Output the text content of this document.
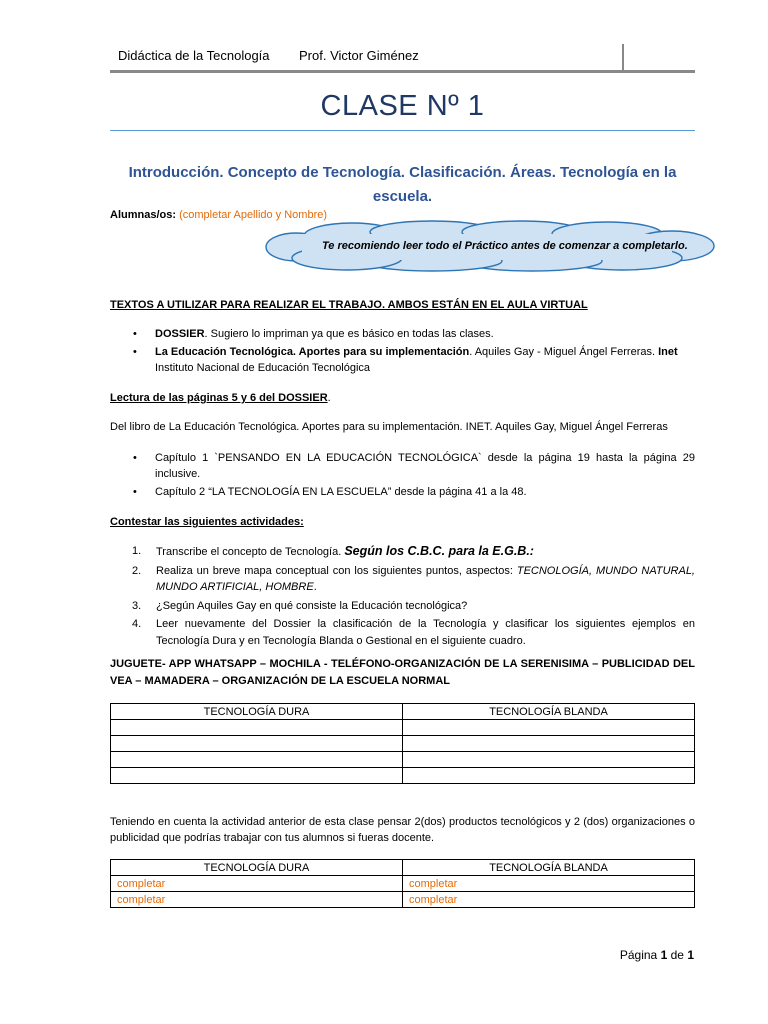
Didáctica de la Tecnología Prof. Victor Giménez
CLASE Nº 1
Introducción. Concepto de Tecnología. Clasificación. Áreas. Tecnología en la escuela.
Alumnas/os: (completar Apellido y Nombre)
Te recomiendo leer todo el Práctico antes de comenzar a completarlo.
TEXTOS A UTILIZAR PARA REALIZAR EL TRABAJO. AMBOS ESTÁN EN EL AULA VIRTUAL
• DOSSIER. Sugiero lo impriman ya que es básico en todas las clases.
• La Educación Tecnológica. Aportes para su implementación. Aquiles Gay - Miguel Ángel Ferreras. Inet Instituto Nacional de Educación Tecnológica
Lectura de las páginas 5 y 6 del DOSSIER.
Del libro de La Educación Tecnológica. Aportes para su implementación. INET. Aquiles Gay, Miguel Ángel Ferreras
• Capítulo 1 `PENSANDO EN LA EDUCACIÓN TECNOLÓGICA` desde la página 19 hasta la página 29 inclusive.
• Capítulo 2 “LA TECNOLOGÍA EN LA ESCUELA” desde la página 41 a la 48.
Contestar las siguientes actividades:
1. Transcribe el concepto de Tecnología. Según los C.B.C. para la E.G.B.:
2. Realiza un breve mapa conceptual con los siguientes puntos, aspectos: TECNOLOGÍA, MUNDO NATURAL, MUNDO ARTIFICIAL, HOMBRE.
3. ¿Según Aquiles Gay en qué consiste la Educación tecnológica?
4. Leer nuevamente del Dossier la clasificación de la Tecnología y clasificar los siguientes ejemplos en Tecnología Dura y en Tecnología Blanda o Gestional en el siguiente cuadro.
JUGUETE- APP WHATSAPP – MOCHILA - TELÉFONO-ORGANIZACIÓN DE LA SERENISIMA – PUBLICIDAD DEL VEA – MAMADERA – ORGANIZACIÓN DE LA ESCUELA NORMAL
TECNOLOGÍA DURA	TECNOLOGÍA BLANDA

Teniendo en cuenta la actividad anterior de esta clase pensar 2(dos) productos tecnológicos y 2 (dos) organizaciones o publicidad que podrías trabajar con tus alumnos si fueras docente.
TECNOLOGÍA DURA	TECNOLOGÍA BLANDA
completar	completar
completar	completar
Página 1 de 1
